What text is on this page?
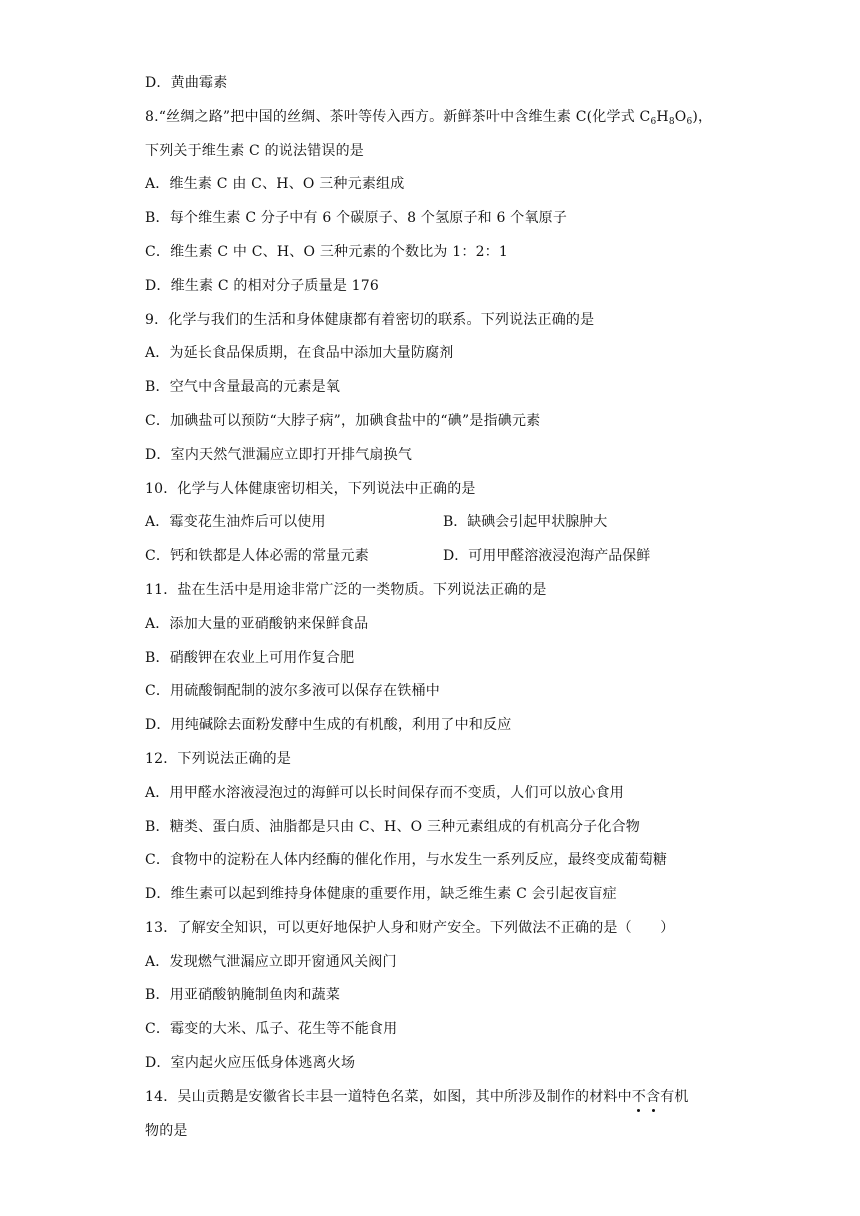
D．黄曲霉素
8.“丝绸之路”把中国的丝绸、茶叶等传入西方。新鲜茶叶中含维生素 C(化学式 $C_6H_8O_6$)，
下列关于维生素 C 的说法错误的是
A．维生素 C 由 C、H、O 三种元素组成
B．每个维生素 C 分子中有 6 个碳原子、8 个氢原子和 6 个氧原子
C．维生素 C 中 C、H、O 三种元素的个数比为 1：2：1
D．维生素 C 的相对分子质量是 176
9．化学与我们的生活和身体健康都有着密切的联系。下列说法正确的是
A．为延长食品保质期，在食品中添加大量防腐剂
B．空气中含量最高的元素是氧
C．加碘盐可以预防“大脖子病”，加碘食盐中的“碘”是指碘元素
D．室内天然气泄漏应立即打开排气扇换气
10．化学与人体健康密切相关，下列说法中正确的是
A．霉变花生油炸后可以使用	B．缺碘会引起甲状腺肿大
C．钙和铁都是人体必需的常量元素	D．可用甲醛溶液浸泡海产品保鲜
11．盐在生活中是用途非常广泛的一类物质。下列说法正确的是
A．添加大量的亚硝酸钠来保鲜食品
B．硝酸钾在农业上可用作复合肥
C．用硫酸铜配制的波尔多液可以保存在铁桶中
D．用纯碱除去面粉发酵中生成的有机酸，利用了中和反应
12．下列说法正确的是
A．用甲醛水溶液浸泡过的海鲜可以长时间保存而不变质，人们可以放心食用
B．糖类、蛋白质、油脂都是只由 C、H、O 三种元素组成的有机高分子化合物
C．食物中的淀粉在人体内经酶的催化作用，与水发生一系列反应，最终变成葡萄糖
D．维生素可以起到维持身体健康的重要作用，缺乏维生素 C 会引起夜盲症
13．了解安全知识，可以更好地保护人身和财产安全。下列做法不正确的是（　　）
A．发现燃气泄漏应立即开窗通风关阀门
B．用亚硝酸钠腌制鱼肉和蔬菜
C．霉变的大米、瓜子、花生等不能食用
D．室内起火应压低身体逃离火场
14．吴山贡鹅是安徽省长丰县一道特色名菜，如图，其中所涉及制作的材料中不含有机
物的是
